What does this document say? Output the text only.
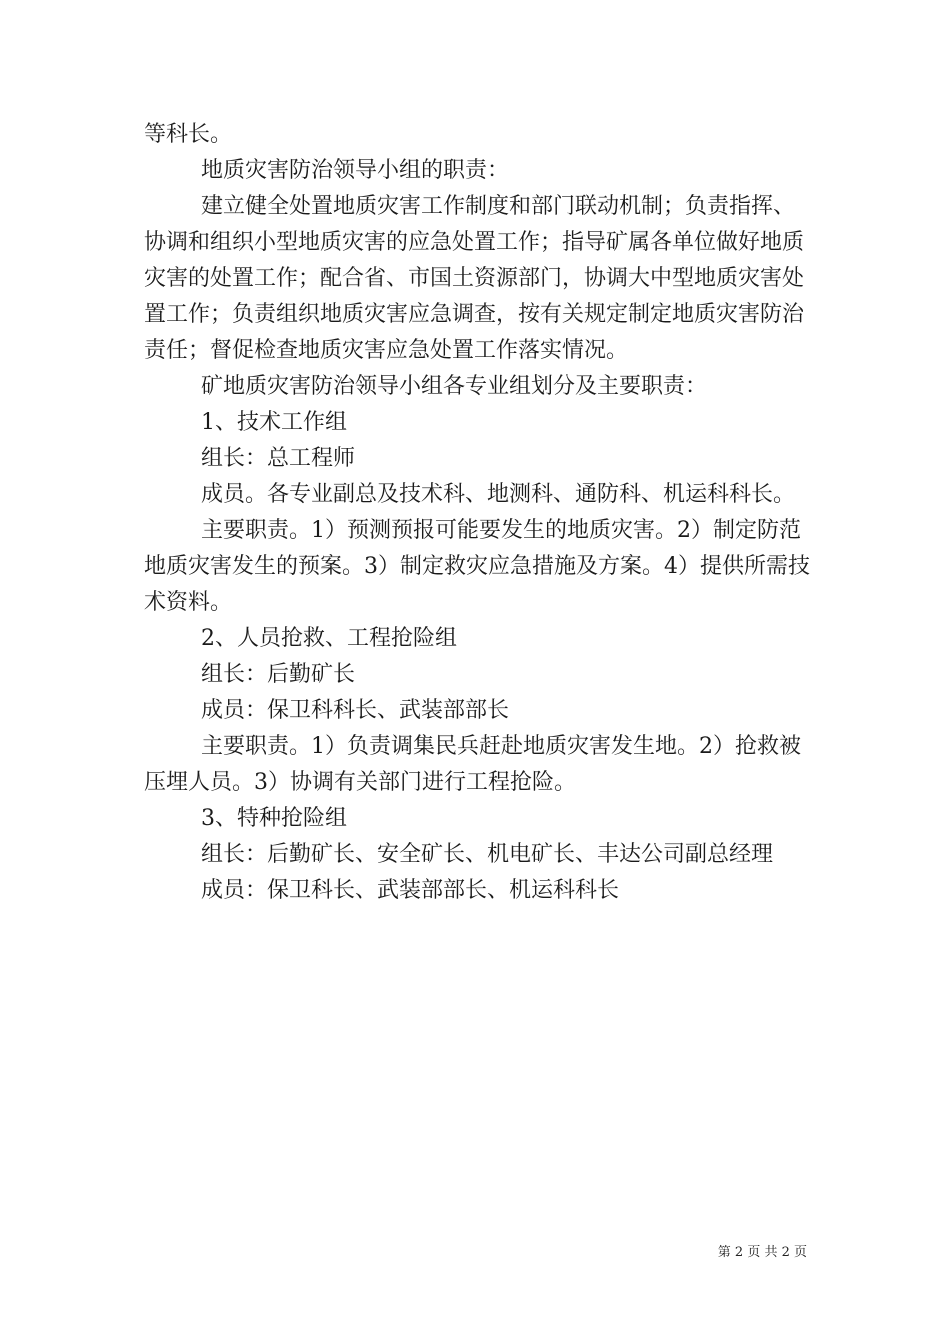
等科长。

地质灾害防治领导小组的职责：

建立健全处置地质灾害工作制度和部门联动机制；负责指挥、协调和组织小型地质灾害的应急处置工作；指导矿属各单位做好地质灾害的处置工作；配合省、市国土资源部门，协调大中型地质灾害处置工作；负责组织地质灾害应急调查，按有关规定制定地质灾害防治责任；督促检查地质灾害应急处置工作落实情况。

矿地质灾害防治领导小组各专业组划分及主要职责：

1、技术工作组

组长：总工程师

成员。各专业副总及技术科、地测科、通防科、机运科科长。

主要职责。1）预测预报可能要发生的地质灾害。2）制定防范地质灾害发生的预案。3）制定救灾应急措施及方案。4）提供所需技术资料。

2、人员抢救、工程抢险组

组长：后勤矿长

成员：保卫科科长、武装部部长

主要职责。1）负责调集民兵赶赴地质灾害发生地。2）抢救被压埋人员。3）协调有关部门进行工程抢险。

3、特种抢险组

组长：后勤矿长、安全矿长、机电矿长、丰达公司副总经理

成员：保卫科长、武装部部长、机运科科长

第 2 页 共 2 页
